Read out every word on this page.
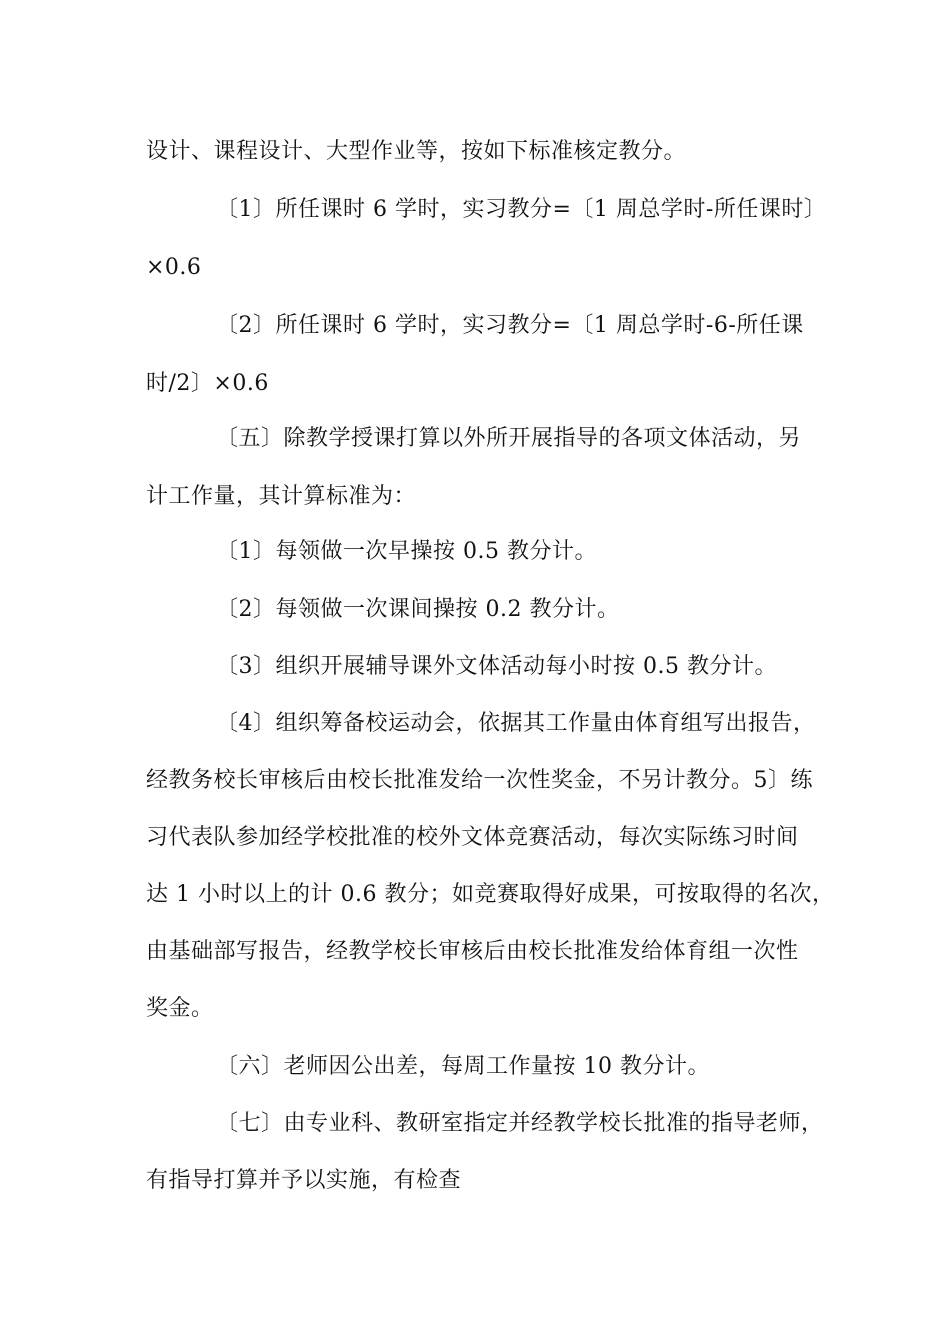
设计、课程设计、大型作业等，按如下标准核定教分。
〔1〕所任课时 6 学时，实习教分=〔1 周总学时-所任课时〕
×0.6
〔2〕所任课时 6 学时，实习教分=〔1 周总学时-6-所任课
时/2〕×0.6
〔五〕除教学授课打算以外所开展指导的各项文体活动，另
计工作量，其计算标准为：
〔1〕每领做一次早操按 0.5 教分计。
〔2〕每领做一次课间操按 0.2 教分计。
〔3〕组织开展辅导课外文体活动每小时按 0.5 教分计。
〔4〕组织筹备校运动会，依据其工作量由体育组写出报告，
经教务校长审核后由校长批准发给一次性奖金，不另计教分。5〕练
习代表队参加经学校批准的校外文体竞赛活动，每次实际练习时间
达 1 小时以上的计 0.6 教分；如竞赛取得好成果，可按取得的名次，
由基础部写报告，经教学校长审核后由校长批准发给体育组一次性
奖金。
〔六〕老师因公出差，每周工作量按 10 教分计。
〔七〕由专业科、教研室指定并经教学校长批准的指导老师，
有指导打算并予以实施，有检查
